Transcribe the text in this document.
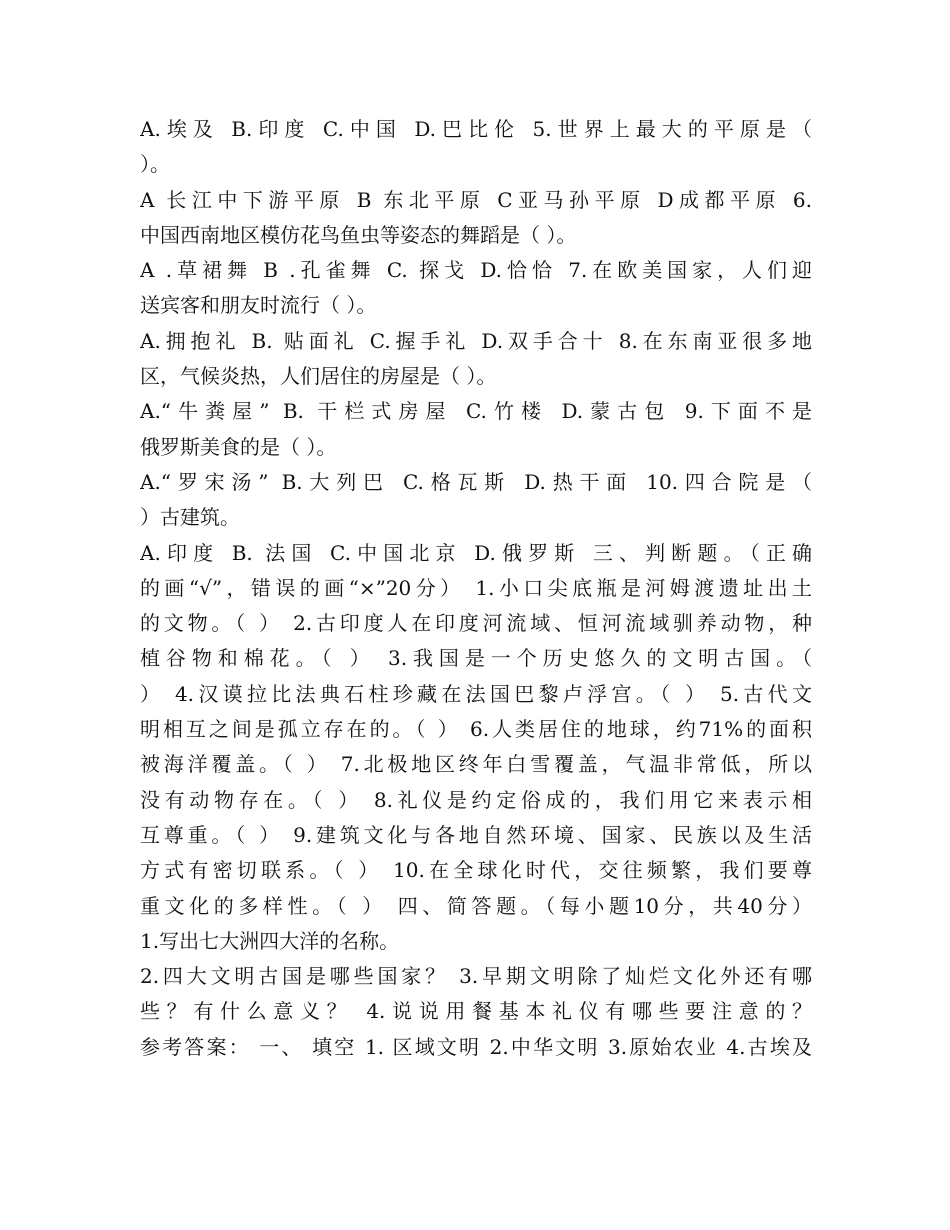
A.埃及 B.印度 C.中国 D.巴比伦 5.世界上最大的平原是（
）。
A 长江中下游平原 B 东北平原 C亚马孙平原 D成都平原 6.
中国西南地区模仿花鸟鱼虫等姿态的舞蹈是（ ）。
A .草裙舞 B .孔雀舞 C. 探戈 D.恰恰 7.在欧美国家，人们迎
送宾客和朋友时流行（ ）。
A.拥抱礼 B. 贴面礼 C.握手礼 D.双手合十 8.在东南亚很多地
区，气候炎热，人们居住的房屋是（ ）。
A.“牛粪屋” B. 干栏式房屋 C.竹楼 D.蒙古包 9.下面不是
俄罗斯美食的是（ ）。
A.“罗宋汤” B.大列巴 C.格瓦斯 D.热干面 10.四合院是（
）古建筑。
A.印度 B. 法国 C.中国北京 D.俄罗斯 三、判断题。（正确
的画“√”，错误的画“×”20分） 1.小口尖底瓶是河姆渡遗址出土
的文物。（ ） 2.古印度人在印度河流域、恒河流域驯养动物，种
植谷物和棉花。（ ） 3.我国是一个历史悠久的文明古国。（
） 4.汉谟拉比法典石柱珍藏在法国巴黎卢浮宫。（ ） 5.古代文
明相互之间是孤立存在的。（ ） 6.人类居住的地球，约71%的面积
被海洋覆盖。（ ） 7.北极地区终年白雪覆盖，气温非常低，所以
没有动物存在。（ ） 8.礼仪是约定俗成的，我们用它来表示相
互尊重。（ ） 9.建筑文化与各地自然环境、国家、民族以及生活
方式有密切联系。（ ） 10.在全球化时代，交往频繁，我们要尊
重文化的多样性。（ ） 四、简答题。（每小题10分，共40分）
1.写出七大洲四大洋的名称。
2.四大文明古国是哪些国家？ 3.早期文明除了灿烂文化外还有哪
些？有什么意义？ 4.说说用餐基本礼仪有哪些要注意的？
参考答案： 一、 填空 1. 区域文明 2.中华文明 3.原始农业 4.古埃及
